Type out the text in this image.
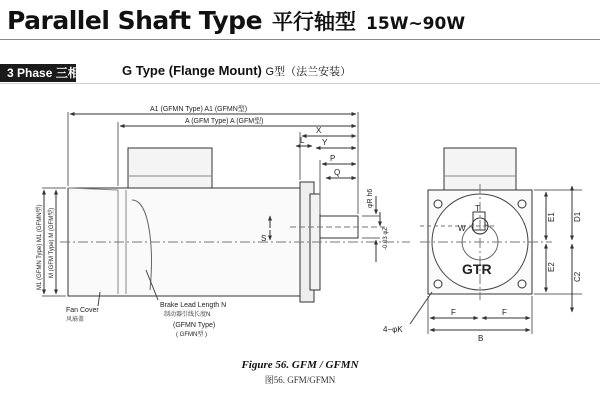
Parallel Shaft Type 平行轴型 15W~90W
3 Phase 三相	G Type (Flange Mount) G型（法兰安装）
A1 (GFMN Type) A1 (GFMN型)
A (GFM Type) A (GFM型)
X
L Y
P
Q
φR h6
-0.03 φZ
S
M1 (GFMN Type) M1 (GFMN型)	M (GFM Type) M (GFM型)
Fan Cover
风扇盖
Brake Lead Length N
制动器引线长度N
(GFMN Type)
( GFMN型 )
GTR
T
W
E1 D1
E2
C2
F	F
B
4−φK
Figure 56. GFM / GFMN
图56. GFM/GFMN
